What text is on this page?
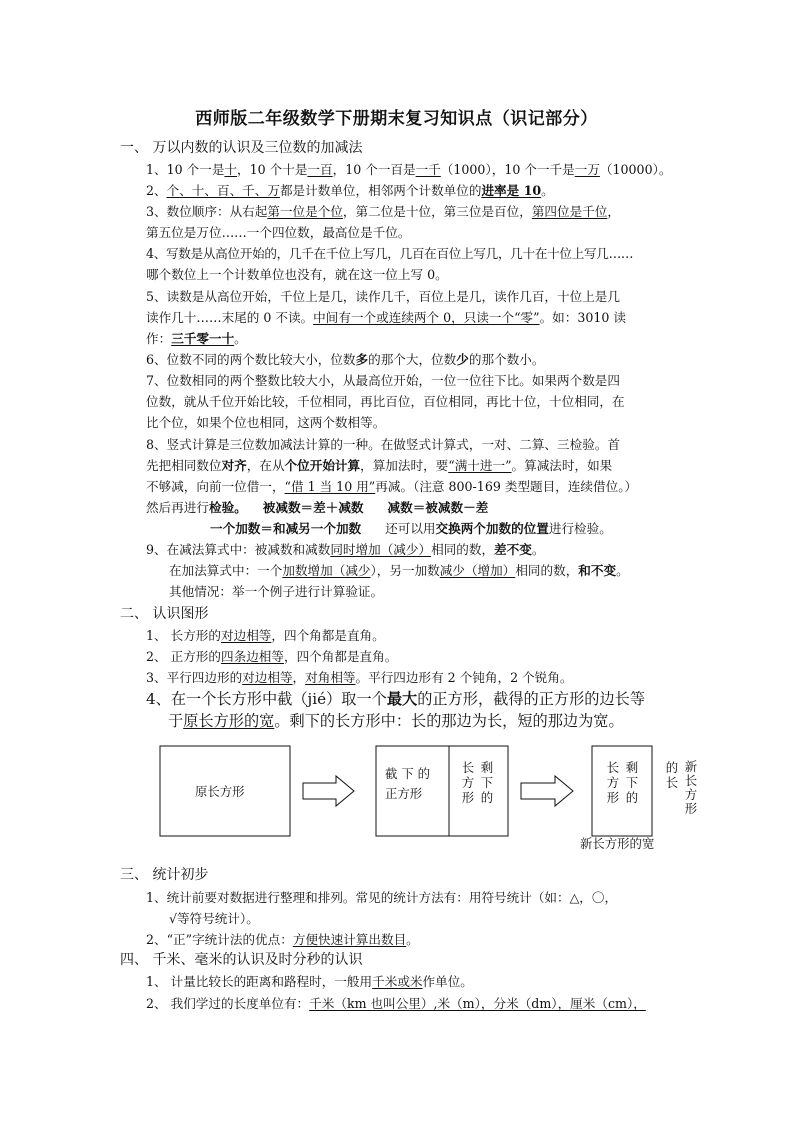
西师版二年级数学下册期末复习知识点（识记部分）
一、 万以内数的认识及三位数的加减法
1、10 个一是十，10 个十是一百，10 个一百是一千（1000），10 个一千是一万（10000）。
2、个、十、百、千、万都是计数单位，相邻两个计数单位的进率是 10。
3、数位顺序：从右起第一位是个位，第二位是十位，第三位是百位，第四位是千位，
第五位是万位……一个四位数，最高位是千位。
4、写数是从高位开始的，几千在千位上写几，几百在百位上写几，几十在十位上写几……
哪个数位上一个计数单位也没有，就在这一位上写 0。
5、读数是从高位开始，千位上是几，读作几千，百位上是几，读作几百，十位上是几
读作几十……末尾的 0 不读。中间有一个或连续两个 0，只读一个“零”。如：3010 读
作：三千零一十。
6、位数不同的两个数比较大小，位数多的那个大，位数少的那个数小。
7、位数相同的两个整数比较大小，从最高位开始，一位一位往下比。如果两个数是四
位数，就从千位开始比较，千位相同，再比百位，百位相同，再比十位，十位相同，在
比个位，如果个位也相同，这两个数相等。
8、竖式计算是三位数加减法计算的一种。在做竖式计算式，一对、二算、三检验。首
先把相同数位对齐，在从个位开始计算，算加法时，要“满十进一”。算减法时，如果
不够减，向前一位借一，“借 1 当 10 用”再减。（注意 800-169 类型题目，连续借位。）
然后再进行检验。 被减数＝差＋减数 减数＝被减数－差
一个加数＝和减另一个加数 还可以用交换两个加数的位置进行检验。
9、在减法算式中：被减数和减数同时增加（减少）相同的数，差不变。
在加法算式中：一个加数增加（减少），另一加数减少（增加）相同的数，和不变。
其他情况：举一个例子进行计算验证。
二、 认识图形
1、 长方形的对边相等，四个角都是直角。
2、 正方形的四条边相等，四个角都是直角。
3、平行四边形的对边相等，对角相等。平行四边形有 2 个钝角，2 个锐角。
4、在一个长方形中截（jié）取一个最大的正方形，截得的正方形的边长等
于原长方形的宽。剩下的长方形中：长的那边为长，短的那边为宽。
原长方形
截 下 的 正方形
长方形
剩下的
长方形
剩下的
的
长
新长方形
新长方形的宽
三、 统计初步
1、统计前要对数据进行整理和排列。常见的统计方法有：用符号统计（如：△，〇，
√等符号统计）。
2、“正”字统计法的优点：方便快速计算出数目。
四、 千米、毫米的认识及时分秒的认识
1、 计量比较长的距离和路程时，一般用千米或米作单位。
2、 我们学过的长度单位有：千米（km 也叫公里）,米（m），分米（dm），厘米（cm），
